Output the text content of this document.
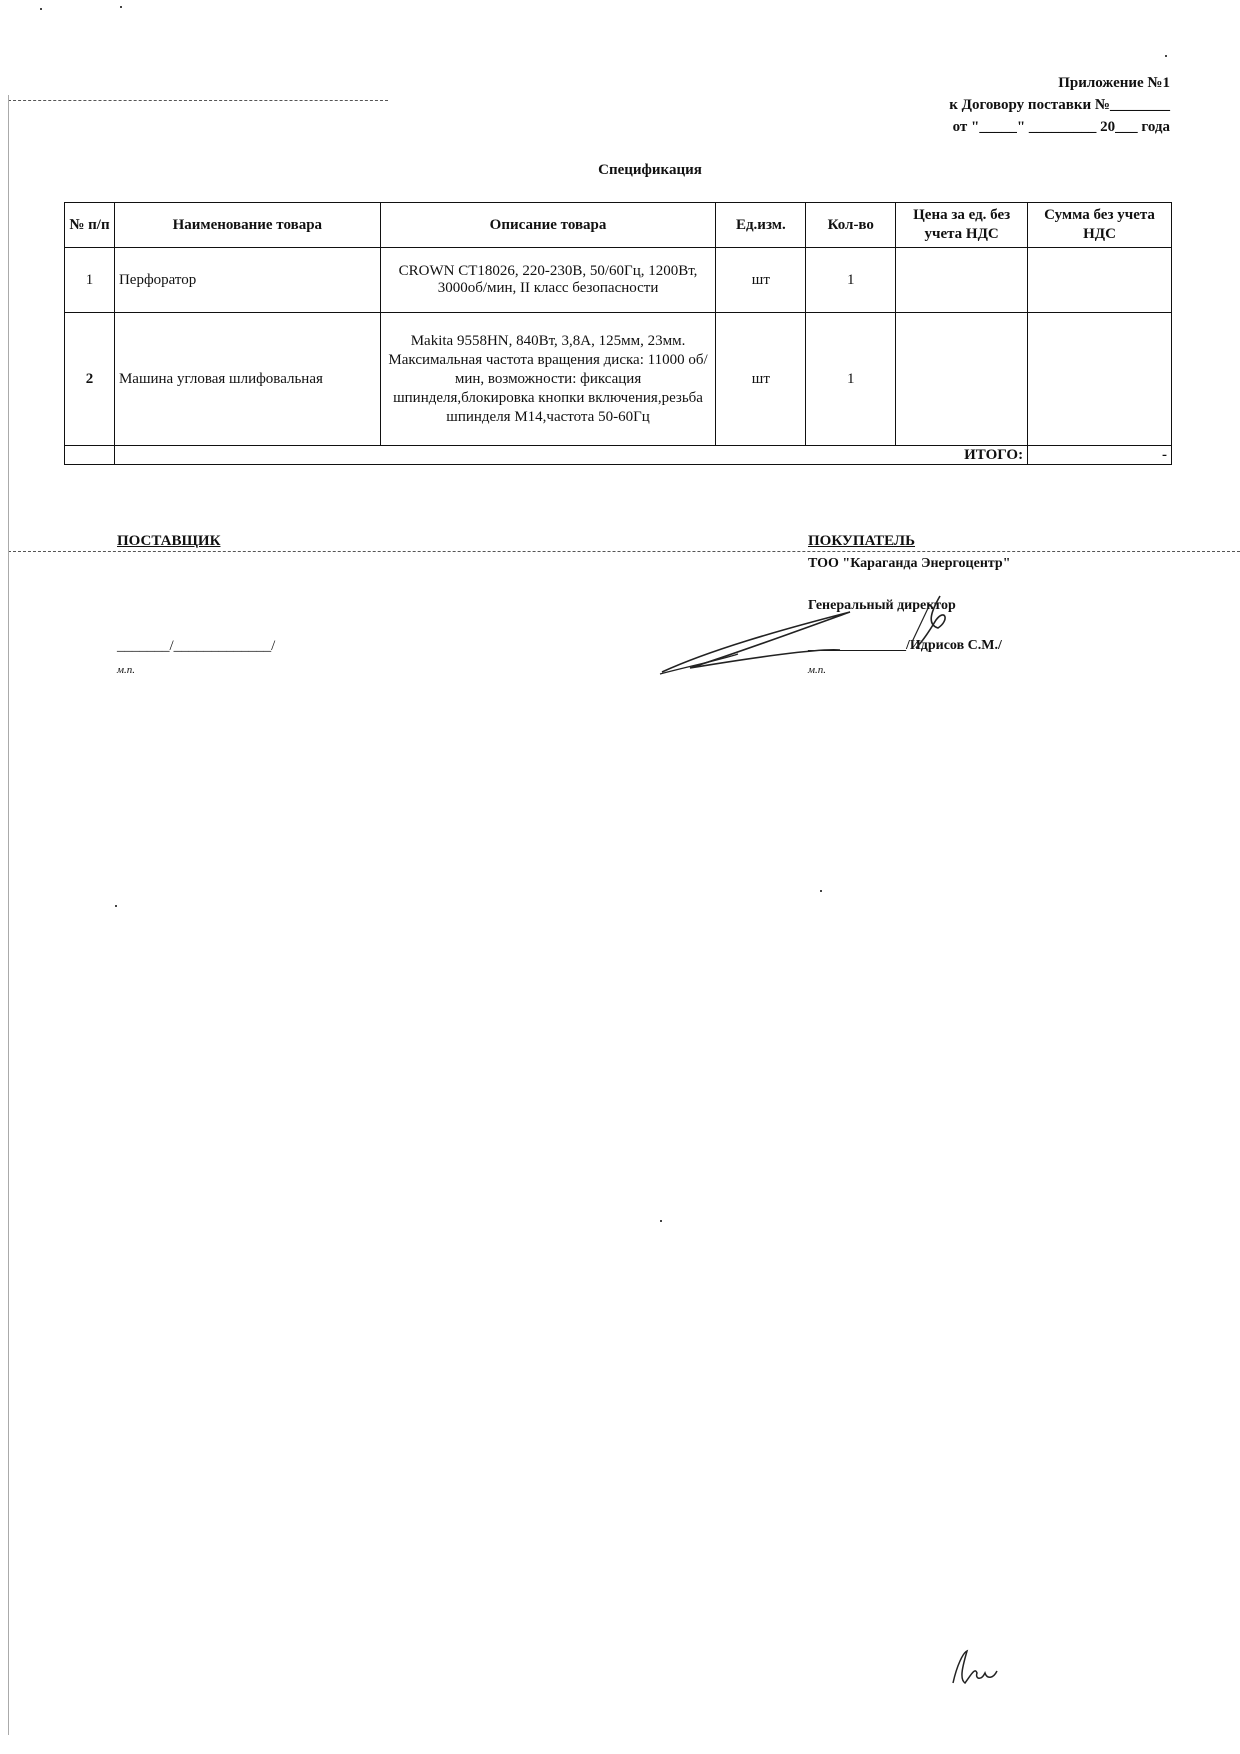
Приложение №1
к Договору поставки №________
от "_____" _________ 20___ года
Спецификация
№ п/п	Наименование товара	Описание товара	Ед.изм.	Кол-во	Цена за ед. без учета НДС	Сумма без учета НДС
1	Перфоратор	CROWN CT18026, 220-230В, 50/60Гц, 1200Вт, 3000об/мин, II класс безопасности	шт	1		
2	Машина угловая шлифовальная	Makita 9558HN, 840Вт, 3,8А, 125мм, 23мм. Максимальная частота вращения диска: 11000 об/мин, возможности: фиксация шпинделя,блокировка кнопки включения,резьба шпинделя М14,частота 50-60Гц	шт	1		
	ИТОГО:					-
ПОСТАВЩИК
_______/_____________/
м.п.
ПОКУПАТЕЛЬ
ТОО "Караганда Энергоцентр"
Генеральный директор
______________/Идрисов С.М./
м.п.
